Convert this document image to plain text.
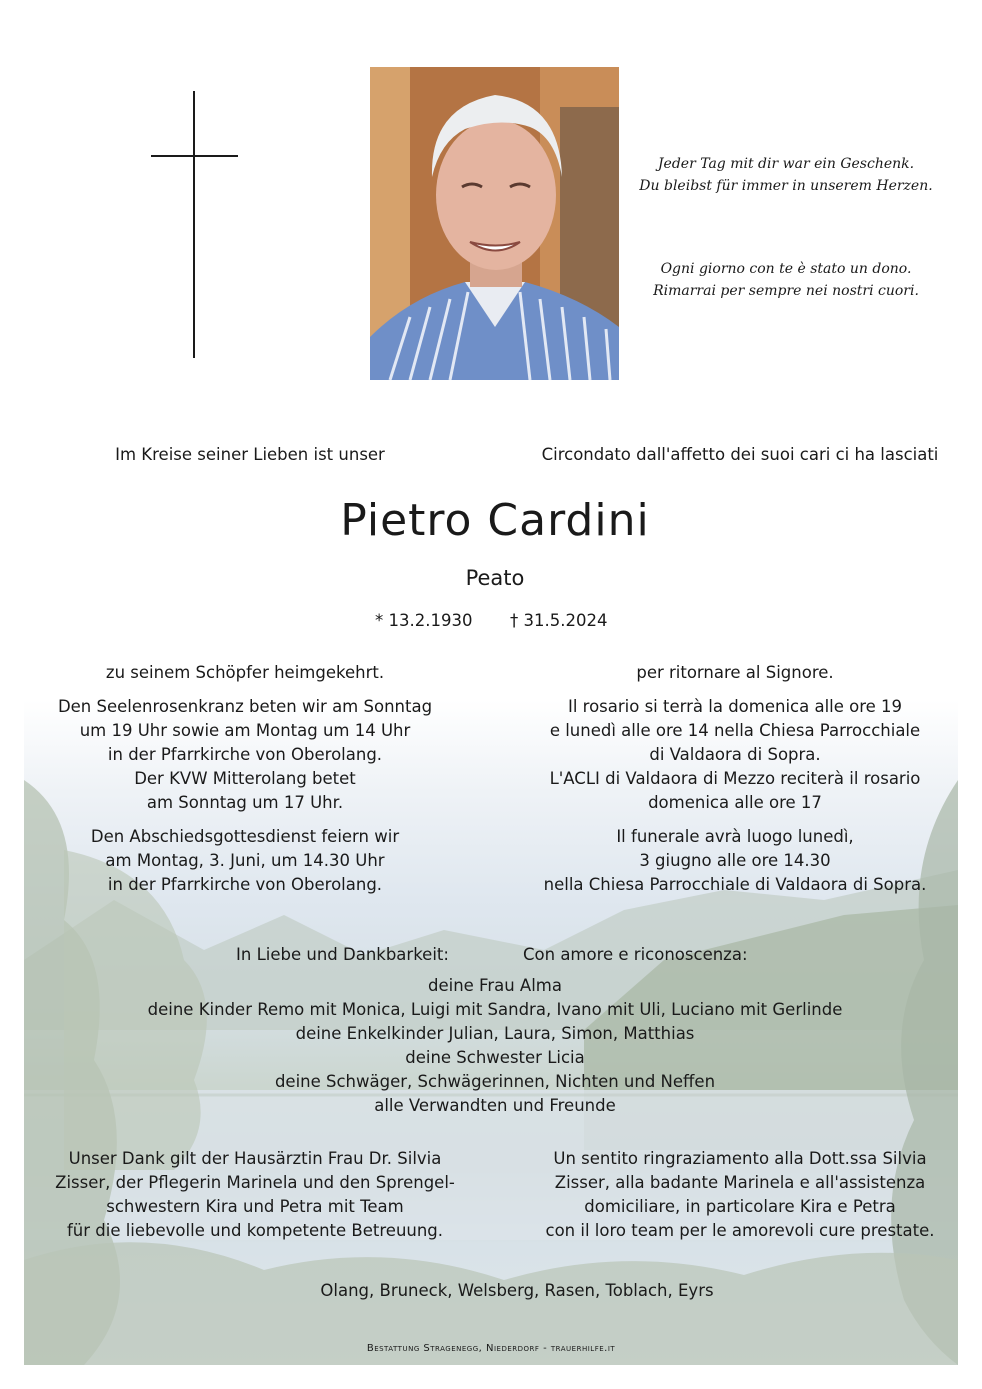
Jeder Tag mit dir war ein Geschenk.
Du bleibst für immer in unserem Herzen.
Ogni giorno con te è stato un dono.
Rimarrai per sempre nei nostri cuori.
Im Kreise seiner Lieben ist unser	Circondato dall'affetto dei suoi cari ci ha lasciati
Pietro Cardini
Peato
* 13.2.1930 † 31.5.2024
zu seinem Schöpfer heimgekehrt.	per ritornare al Signore.
Den Seelenrosenkranz beten wir am Sonntag
um 19 Uhr sowie am Montag um 14 Uhr
in der Pfarrkirche von Oberolang.
Der KVW Mitterolang betet
am Sonntag um 17 Uhr.
Il rosario si terrà la domenica alle ore 19
e lunedì alle ore 14 nella Chiesa Parrocchiale
di Valdaora di Sopra.
L'ACLI di Valdaora di Mezzo reciterà il rosario
domenica alle ore 17
Den Abschiedsgottesdienst feiern wir
am Montag, 3. Juni, um 14.30 Uhr
in der Pfarrkirche von Oberolang.
Il funerale avrà luogo lunedì,
3 giugno alle ore 14.30
nella Chiesa Parrocchiale di Valdaora di Sopra.
In Liebe und Dankbarkeit:	Con amore e riconoscenza:
deine Frau Alma
deine Kinder Remo mit Monica, Luigi mit Sandra, Ivano mit Uli, Luciano mit Gerlinde
deine Enkelkinder Julian, Laura, Simon, Matthias
deine Schwester Licia
deine Schwäger, Schwägerinnen, Nichten und Neffen
alle Verwandten und Freunde
Unser Dank gilt der Hausärztin Frau Dr. Silvia
Zisser, der Pflegerin Marinela und den Sprengel-
schwestern Kira und Petra mit Team
für die liebevolle und kompetente Betreuung.
Un sentito ringraziamento alla Dott.ssa Silvia
Zisser, alla badante Marinela e all'assistenza
domiciliare, in particolare Kira e Petra
con il loro team per le amorevoli cure prestate.
Olang, Bruneck, Welsberg, Rasen, Toblach, Eyrs
Bestattung Stragenegg, Niederdorf - trauerhilfe.it
